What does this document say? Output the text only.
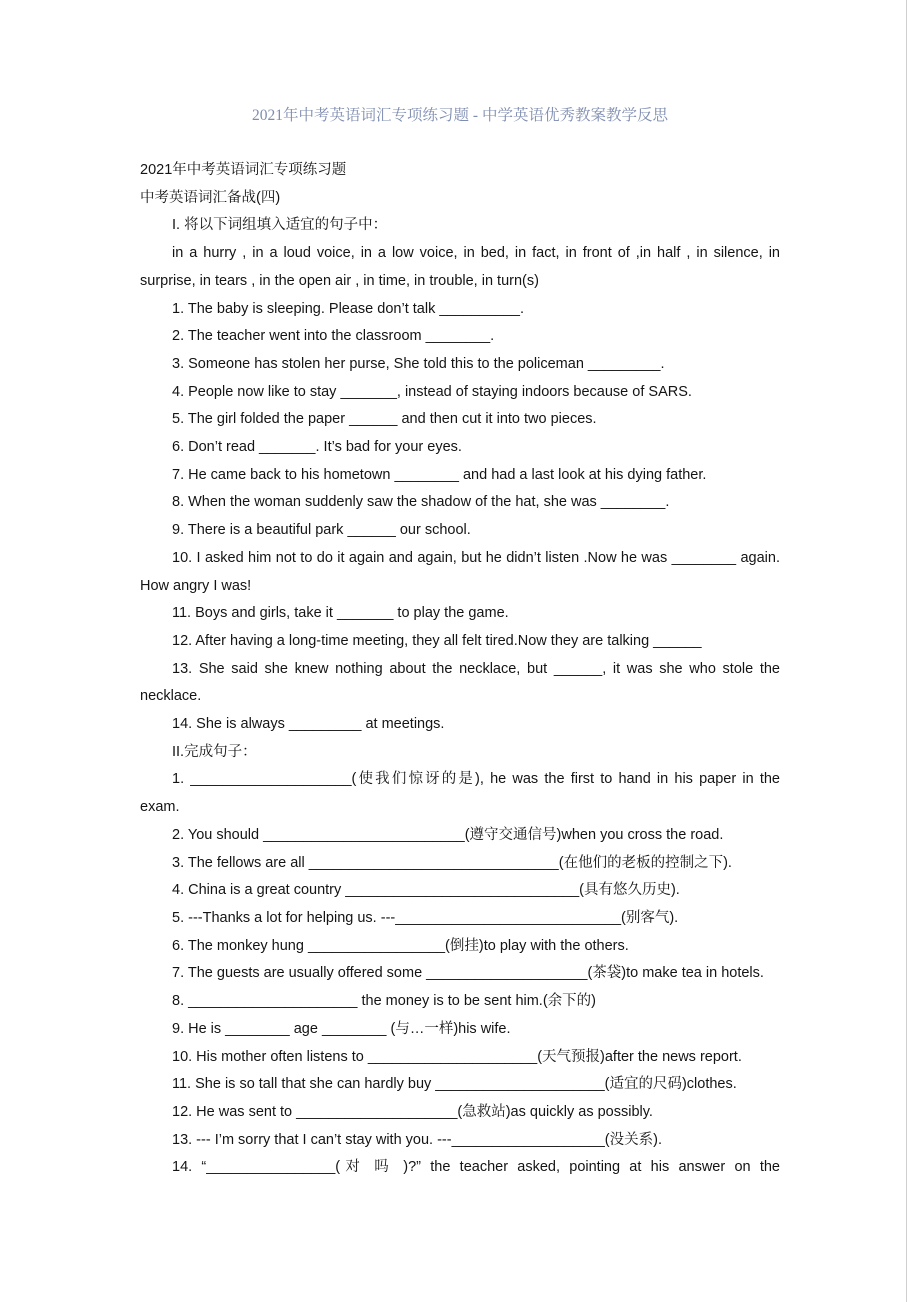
2021年中考英语词汇专项练习题 - 中学英语优秀教案教学反思

2021年中考英语词汇专项练习题

中考英语词汇备战(四)

I. 将以下词组填入适宜的句子中：

in a hurry , in a loud voice, in a low voice, in bed, in fact, in front of ,in half , in silence, in surprise, in tears , in the open air , in time, in trouble, in turn(s)

1. The baby is sleeping. Please don’t talk __________.

2. The teacher went into the classroom ________.

3. Someone has stolen her purse, She told this to the policeman _________.

4. People now like to stay _______, instead of staying indoors because of SARS.

5. The girl folded the paper ______ and then cut it into two pieces.

6. Don’t read _______. It’s bad for your eyes.

7. He came back to his hometown ________ and had a last look at his dying father.

8. When the woman suddenly saw the shadow of the hat, she was ________.

9. There is a beautiful park ______ our school.

10. I asked him not to do it again and again, but he didn’t listen .Now he was ________ again. How angry I was!

11. Boys and girls, take it _______ to play the game.

12. After having a long-time meeting, they all felt tired.Now they are talking ______

13. She said she knew nothing about the necklace, but ______, it was she who stole the necklace.

14. She is always _________ at meetings.

II.完成句子：

1. ____________________(使我们惊讶的是), he was the first to hand in his paper in the exam.

2. You should _________________________(遵守交通信号)when you cross the road.

3. The fellows are all _______________________________(在他们的老板的控制之下).

4. China is a great country _____________________________(具有悠久历史).

5. ---Thanks a lot for helping us. ---____________________________(别客气).

6. The monkey hung _________________(倒挂)to play with the others.

7. The guests are usually offered some ____________________(茶袋)to make tea in hotels.

8. _____________________ the money is to be sent him.(余下的)

9. He is ________ age ________ (与…一样)his wife.

10. His mother often listens to _____________________(天气预报)after the news report.

11. She is so tall that she can hardly buy _____________________(适宜的尺码)clothes.

12. He was sent to ____________________(急救站)as quickly as possibly.

13. --- I’m sorry that I can’t stay with you. ---___________________(没关系).

14. “________________(对 吗 )?” the teacher asked, pointing at his answer on the
